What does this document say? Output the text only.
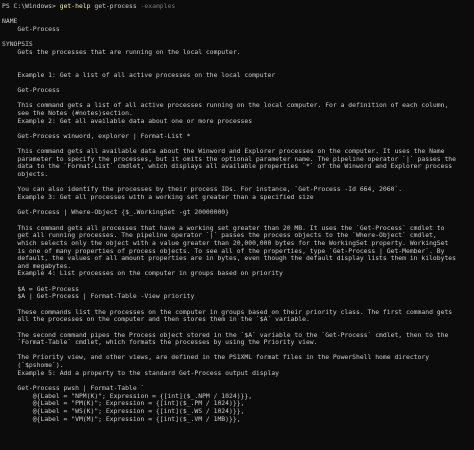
PS C:\Windows> get-help get-process -examples
NAME
Get-Process
SYNOPSIS
Gets the processes that are running on the local computer.
Example 1: Get a list of all active processes on the local computer
Get-Process
This command gets a list of all active processes running on the local computer. For a definition of each column,
see the Notes (#notes)section.
Example 2: Get all available data about one or more processes
Get-Process winword, explorer | Format-List *
This command gets all available data about the Winword and Explorer processes on the computer. It uses the Name
parameter to specify the processes, but it omits the optional parameter name. The pipeline operator `|` passes the
data to the `Format-List` cmdlet, which displays all available properties `*` of the Winword and Explorer process
objects.
You can also identify the processes by their process IDs. For instance, `Get-Process -Id 664, 2060`.
Example 3: Get all processes with a working set greater than a specified size
Get-Process | Where-Object {$_.WorkingSet -gt 20000000}
This command gets all processes that have a working set greater than 20 MB. It uses the `Get-Process` cmdlet to
get all running processes. The pipeline operator `|` passes the process objects to the `Where-Object` cmdlet,
which selects only the object with a value greater than 20,000,000 bytes for the WorkingSet property. WorkingSet
is one of many properties of process objects. To see all of the properties, type `Get-Process | Get-Member`. By
default, the values of all amount properties are in bytes, even though the default display lists them in kilobytes
and megabytes.
Example 4: List processes on the computer in groups based on priority
$A = Get-Process
$A | Get-Process | Format-Table -View priority
These commands list the processes on the computer in groups based on their priority class. The first command gets
all the processes on the computer and then stores them in the `$A` variable.
The second command pipes the Process object stored in the `$A` variable to the `Get-Process` cmdlet, then to the
`Format-Table` cmdlet, which formats the processes by using the Priority view.
The Priority view, and other views, are defined in the PS1XML format files in the PowerShell home directory
(`$pshome`).
Example 5: Add a property to the standard Get-Process output display
Get-Process pwsh | Format-Table `
@{Label = "NPM(K)"; Expression = {[int]($_.NPM / 1024)}},
@{Label = "PM(K)"; Expression = {[int]($_.PM / 1024)}},
@{Label = "WS(K)"; Expression = {[int]($_.WS / 1024)}},
@{Label = "VM(M)"; Expression = {[int]($_.VM / 1MB)}},
